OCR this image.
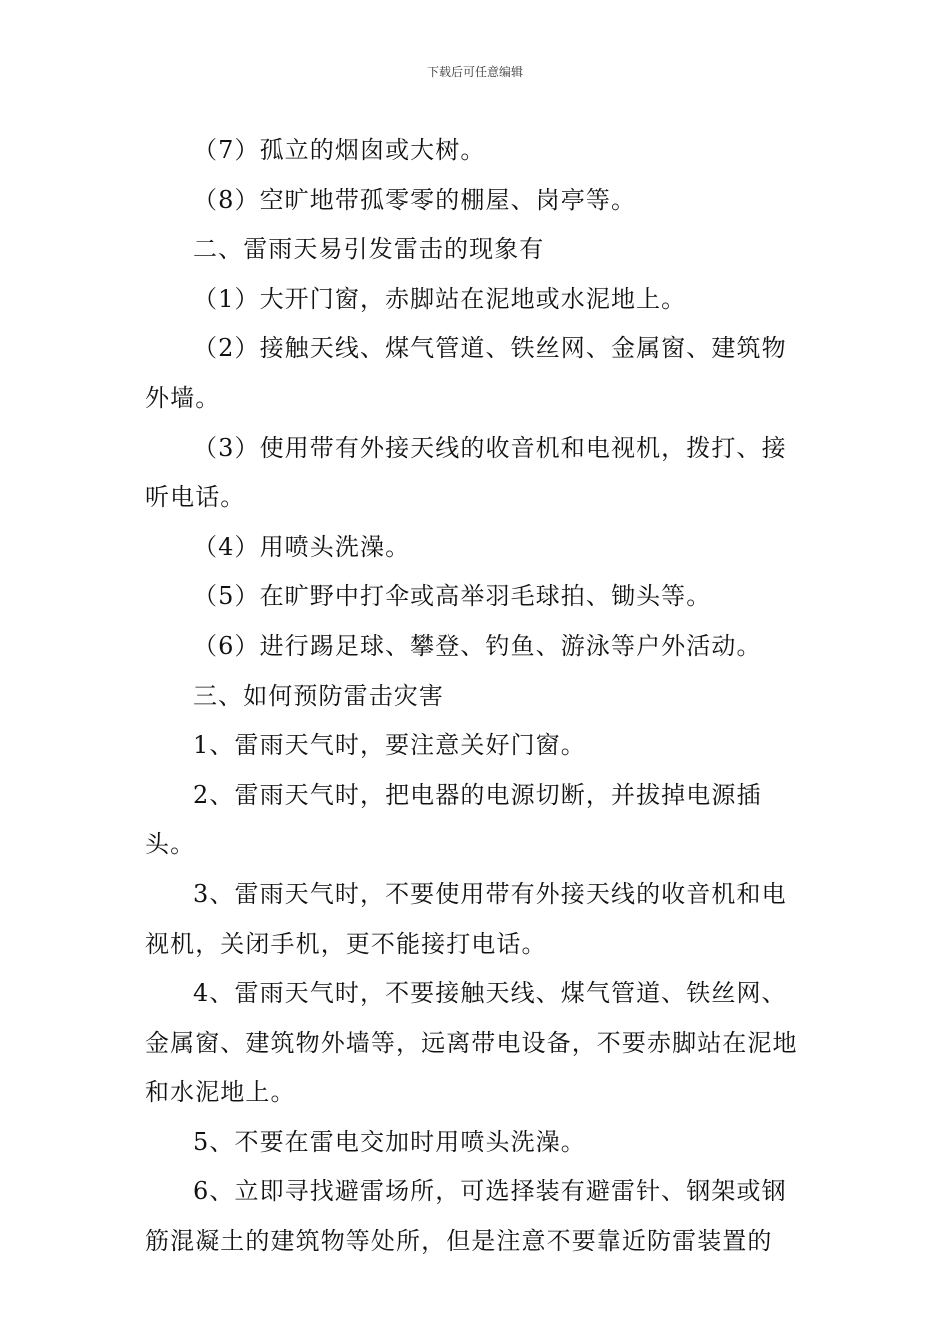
下载后可任意编辑

（7）孤立的烟囱或大树。

（8）空旷地带孤零零的棚屋、岗亭等。

二、雷雨天易引发雷击的现象有

（1）大开门窗，赤脚站在泥地或水泥地上。

（2）接触天线、煤气管道、铁丝网、金属窗、建筑物外墙。

（3）使用带有外接天线的收音机和电视机，拨打、接听电话。

（4）用喷头洗澡。

（5）在旷野中打伞或高举羽毛球拍、锄头等。

（6）进行踢足球、攀登、钓鱼、游泳等户外活动。

三、如何预防雷击灾害

1、雷雨天气时，要注意关好门窗。

2、雷雨天气时，把电器的电源切断，并拔掉电源插头。

3、雷雨天气时，不要使用带有外接天线的收音机和电视机，关闭手机，更不能接打电话。

4、雷雨天气时，不要接触天线、煤气管道、铁丝网、金属窗、建筑物外墙等，远离带电设备，不要赤脚站在泥地和水泥地上。

5、不要在雷电交加时用喷头洗澡。

6、立即寻找避雷场所，可选择装有避雷针、钢架或钢筋混凝土的建筑物等处所，但是注意不要靠近防雷装置的
